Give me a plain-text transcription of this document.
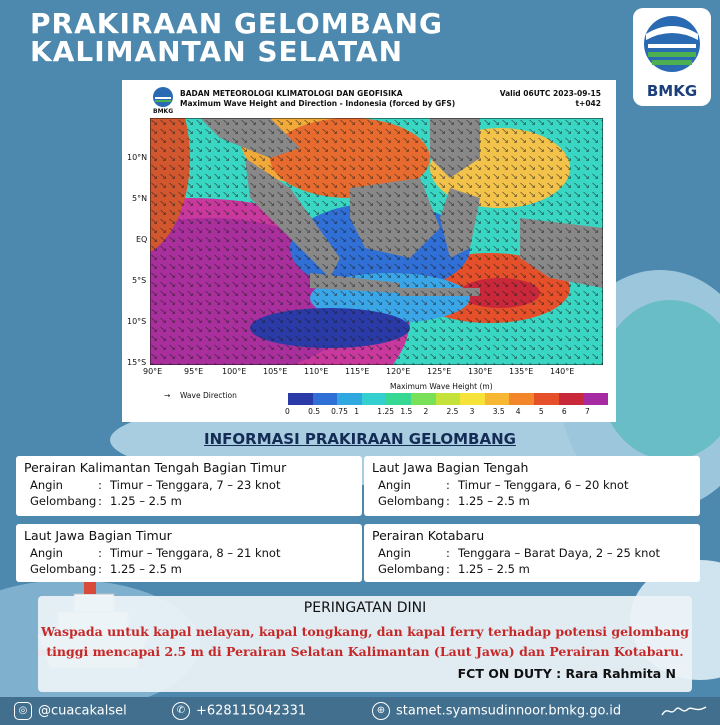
PRAKIRAAN GELOMBANG
KALIMANTAN SELATAN
BMKG
BMKG
BADAN METEOROLOGI KLIMATOLOGI DAN GEOFISIKA
Maximum Wave Height and Direction - Indonesia (forced by GFS)
Valid 06UTC 2023-09-15
t+042
10°N
5°N
EQ
5°S
10°S
15°S
90°E	95°E 100°E 105°E 110°E 115°E 120°E 125°E 130°E 135°E 140°E
→ Wave Direction
Maximum Wave Height (m)
0 0.5 0.75 1 1.25 1.5 2 2.5 3 3.5 4 5 6 7
INFORMASI PRAKIRAAN GELOMBANG
Perairan Kalimantan Tengah Bagian Timur
Angin	: Timur – Tenggara, 7 – 23 knot
Gelombang : 1.25 – 2.5 m
Laut Jawa Bagian Tengah
Angin	: Timur – Tenggara, 6 – 20 knot
Gelombang : 1.25 – 2.5 m
Laut Jawa Bagian Timur
Angin	: Timur – Tenggara, 8 – 21 knot
Gelombang : 1.25 – 2.5 m
Perairan Kotabaru
Angin	: Tenggara – Barat Daya, 2 – 25 knot
Gelombang : 1.25 – 2.5 m
PERINGATAN DINI
Waspada untuk kapal nelayan, kapal tongkang, dan kapal ferry terhadap potensi gelombang
tinggi mencapai 2.5 m di Perairan Selatan Kalimantan (Laut Jawa) dan Perairan Kotabaru.
FCT ON DUTY : Rara Rahmita N
◎ @cuacakalsel	✆ +628115042331	⊕ stamet.syamsudinnoor.bmkg.go.id
